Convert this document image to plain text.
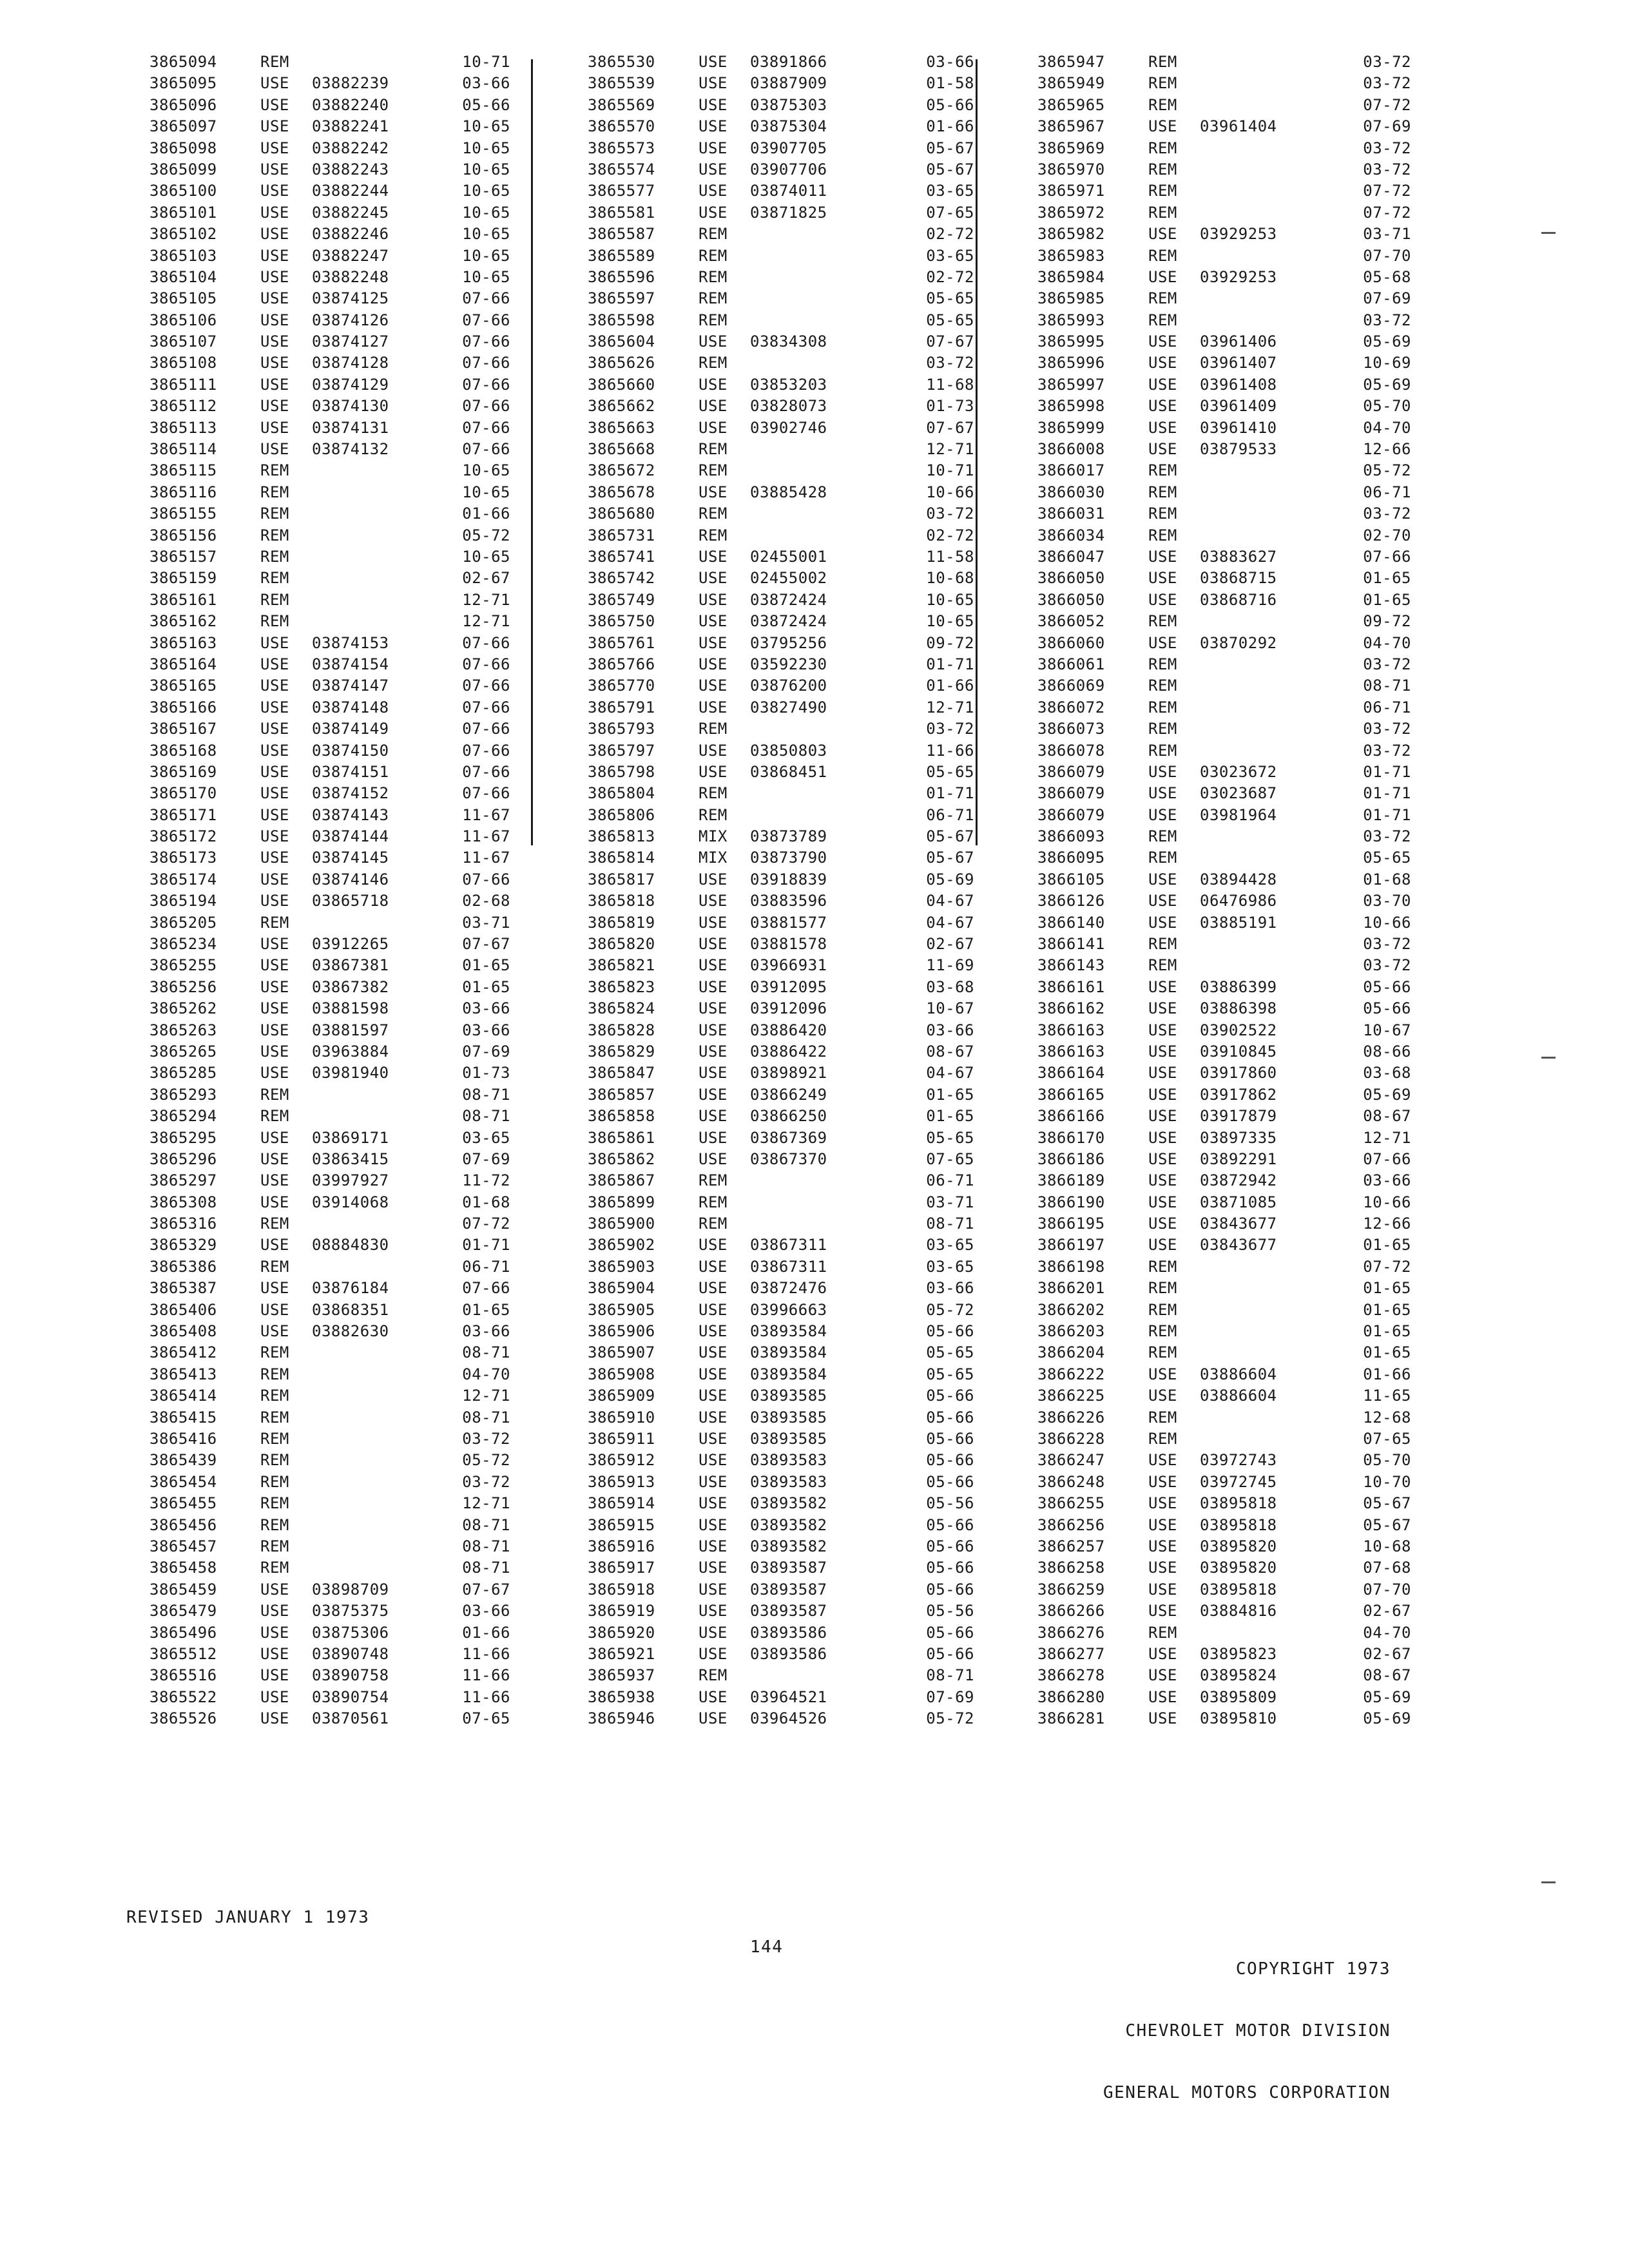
3865094	REM	10-71
3865095	USE 03882239	03-66
3865096	USE 03882240	05-66
3865097	USE 03882241	10-65
3865098	USE 03882242	10-65
3865099	USE 03882243	10-65
3865100	USE 03882244	10-65
3865101	USE 03882245	10-65
3865102	USE 03882246	10-65
3865103	USE 03882247	10-65
3865104	USE 03882248	10-65
3865105	USE 03874125	07-66
3865106	USE 03874126	07-66
3865107	USE 03874127	07-66
3865108	USE 03874128	07-66
3865111	USE 03874129	07-66
3865112	USE 03874130	07-66
3865113	USE 03874131	07-66
3865114	USE 03874132	07-66
3865115	REM	10-65
3865116	REM	10-65
3865155	REM	01-66
3865156	REM	05-72
3865157	REM	10-65
3865159	REM	02-67
3865161	REM	12-71
3865162	REM	12-71
3865163	USE 03874153	07-66
3865164	USE 03874154	07-66
3865165	USE 03874147	07-66
3865166	USE 03874148	07-66
3865167	USE 03874149	07-66
3865168	USE 03874150	07-66
3865169	USE 03874151	07-66
3865170	USE 03874152	07-66
3865171	USE 03874143	11-67
3865172	USE 03874144	11-67
3865173	USE 03874145	11-67
3865174	USE 03874146	07-66
3865194	USE 03865718	02-68
3865205	REM	03-71
3865234	USE 03912265	07-67
3865255	USE 03867381	01-65
3865256	USE 03867382	01-65
3865262	USE 03881598	03-66
3865263	USE 03881597	03-66
3865265	USE 03963884	07-69
3865285	USE 03981940	01-73
3865293	REM	08-71
3865294	REM	08-71
3865295	USE 03869171	03-65
3865296	USE 03863415	07-69
3865297	USE 03997927	11-72
3865308	USE 03914068	01-68
3865316	REM	07-72
3865329	USE 08884830	01-71
3865386	REM	06-71
3865387	USE 03876184	07-66
3865406	USE 03868351	01-65
3865408	USE 03882630	03-66
3865412	REM	08-71
3865413	REM	04-70
3865414	REM	12-71
3865415	REM	08-71
3865416	REM	03-72
3865439	REM	05-72
3865454	REM	03-72
3865455	REM	12-71
3865456	REM	08-71
3865457	REM	08-71
3865458	REM	08-71
3865459	USE 03898709	07-67
3865479	USE 03875375	03-66
3865496	USE 03875306	01-66
3865512	USE 03890748	11-66
3865516	USE 03890758	11-66
3865522	USE 03890754	11-66
3865526	USE 03870561	07-65
3865530	USE 03891866	03-66
3865539	USE 03887909	01-58
3865569	USE 03875303	05-66
3865570	USE 03875304	01-66
3865573	USE 03907705	05-67
3865574	USE 03907706	05-67
3865577	USE 03874011	03-65
3865581	USE 03871825	07-65
3865587	REM	02-72
3865589	REM	03-65
3865596	REM	02-72
3865597	REM	05-65
3865598	REM	05-65
3865604	USE 03834308	07-67
3865626	REM	03-72
3865660	USE 03853203	11-68
3865662	USE 03828073	01-73
3865663	USE 03902746	07-67
3865668	REM	12-71
3865672	REM	10-71
3865678	USE 03885428	10-66
3865680	REM	03-72
3865731	REM	02-72
3865741	USE 02455001	11-58
3865742	USE 02455002	10-68
3865749	USE 03872424	10-65
3865750	USE 03872424	10-65
3865761	USE 03795256	09-72
3865766	USE 03592230	01-71
3865770	USE 03876200	01-66
3865791	USE 03827490	12-71
3865793	REM	03-72
3865797	USE 03850803	11-66
3865798	USE 03868451	05-65
3865804	REM	01-71
3865806	REM	06-71
3865813	MIX 03873789	05-67
3865814	MIX 03873790	05-67
3865817	USE 03918839	05-69
3865818	USE 03883596	04-67
3865819	USE 03881577	04-67
3865820	USE 03881578	02-67
3865821	USE 03966931	11-69
3865823	USE 03912095	03-68
3865824	USE 03912096	10-67
3865828	USE 03886420	03-66
3865829	USE 03886422	08-67
3865847	USE 03898921	04-67
3865857	USE 03866249	01-65
3865858	USE 03866250	01-65
3865861	USE 03867369	05-65
3865862	USE 03867370	07-65
3865867	REM	06-71
3865899	REM	03-71
3865900	REM	08-71
3865902	USE 03867311	03-65
3865903	USE 03867311	03-65
3865904	USE 03872476	03-66
3865905	USE 03996663	05-72
3865906	USE 03893584	05-66
3865907	USE 03893584	05-65
3865908	USE 03893584	05-65
3865909	USE 03893585	05-66
3865910	USE 03893585	05-66
3865911	USE 03893585	05-66
3865912	USE 03893583	05-66
3865913	USE 03893583	05-66
3865914	USE 03893582	05-56
3865915	USE 03893582	05-66
3865916	USE 03893582	05-66
3865917	USE 03893587	05-66
3865918	USE 03893587	05-66
3865919	USE 03893587	05-56
3865920	USE 03893586	05-66
3865921	USE 03893586	05-66
3865937	REM	08-71
3865938	USE 03964521	07-69
3865946	USE 03964526	05-72
3865947	REM	03-72
3865949	REM	03-72
3865965	REM	07-72
3865967	USE 03961404	07-69
3865969	REM	03-72
3865970	REM	03-72
3865971	REM	07-72
3865972	REM	07-72
3865982	USE 03929253	03-71
3865983	REM	07-70
3865984	USE 03929253	05-68
3865985	REM	07-69
3865993	REM	03-72
3865995	USE 03961406	05-69
3865996	USE 03961407	10-69
3865997	USE 03961408	05-69
3865998	USE 03961409	05-70
3865999	USE 03961410	04-70
3866008	USE 03879533	12-66
3866017	REM	05-72
3866030	REM	06-71
3866031	REM	03-72
3866034	REM	02-70
3866047	USE 03883627	07-66
3866050	USE 03868715	01-65
3866050	USE 03868716	01-65
3866052	REM	09-72
3866060	USE 03870292	04-70
3866061	REM	03-72
3866069	REM	08-71
3866072	REM	06-71
3866073	REM	03-72
3866078	REM	03-72
3866079	USE 03023672	01-71
3866079	USE 03023687	01-71
3866079	USE 03981964	01-71
3866093	REM	03-72
3866095	REM	05-65
3866105	USE 03894428	01-68
3866126	USE 06476986	03-70
3866140	USE 03885191	10-66
3866141	REM	03-72
3866143	REM	03-72
3866161	USE 03886399	05-66
3866162	USE 03886398	05-66
3866163	USE 03902522	10-67
3866163	USE 03910845	08-66
3866164	USE 03917860	03-68
3866165	USE 03917862	05-69
3866166	USE 03917879	08-67
3866170	USE 03897335	12-71
3866186	USE 03892291	07-66
3866189	USE 03872942	03-66
3866190	USE 03871085	10-66
3866195	USE 03843677	12-66
3866197	USE 03843677	01-65
3866198	REM	07-72
3866201	REM	01-65
3866202	REM	01-65
3866203	REM	01-65
3866204	REM	01-65
3866222	USE 03886604	01-66
3866225	USE 03886604	11-65
3866226	REM	12-68
3866228	REM	07-65
3866247	USE 03972743	05-70
3866248	USE 03972745	10-70
3866255	USE 03895818	05-67
3866256	USE 03895818	05-67
3866257	USE 03895820	10-68
3866258	USE 03895820	07-68
3866259	USE 03895818	07-70
3866266	USE 03884816	02-67
3866276	REM	04-70
3866277	USE 03895823	02-67
3866278	USE 03895824	08-67
3866280	USE 03895809	05-69
3866281	USE 03895810	05-69
REVISED JANUARY 1 1973
144

COPYRIGHT 1973

CHEVROLET MOTOR DIVISION

GENERAL MOTORS CORPORATION
